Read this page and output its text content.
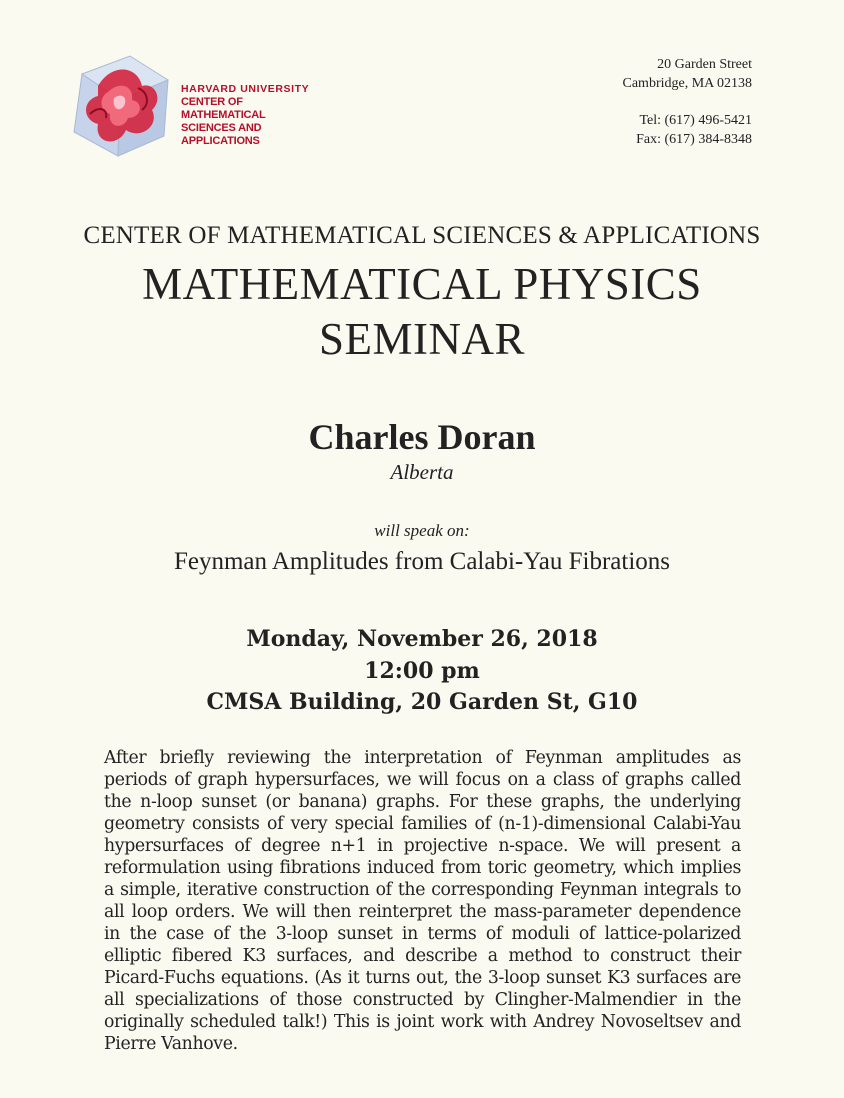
HARVARD UNIVERSITY
CENTER OF MATHEMATICAL
SCIENCES AND APPLICATIONS
20 Garden Street
Cambridge, MA 02138
Tel: (617) 496-5421
Fax: (617) 384-8348
CENTER OF MATHEMATICAL SCIENCES & APPLICATIONS
MATHEMATICAL PHYSICS
SEMINAR
Charles Doran
Alberta
will speak on:
Feynman Amplitudes from Calabi-Yau Fibrations
Monday, November 26, 2018
12:00 pm
CMSA Building, 20 Garden St, G10
After briefly reviewing the interpretation of Feynman amplitudes as periods of graph hypersurfaces, we will focus on a class of graphs called the n-loop sunset (or banana) graphs. For these graphs, the underlying geometry consists of very special families of (n-1)-dimensional Calabi-Yau hypersurfaces of degree n+1 in projective n-space. We will present a reformulation using fibrations induced from toric geometry, which implies a simple, iterative construction of the corresponding Feynman integrals to all loop orders. We will then reinterpret the mass-parameter dependence in the case of the 3-loop sunset in terms of moduli of lattice-polarized elliptic fibered K3 surfaces, and describe a method to construct their Picard-Fuchs equations. (As it turns out, the 3-loop sunset K3 surfaces are all specializations of those constructed by Clingher-Malmendier in the originally scheduled talk!) This is joint work with Andrey Novoseltsev and Pierre Vanhove.
